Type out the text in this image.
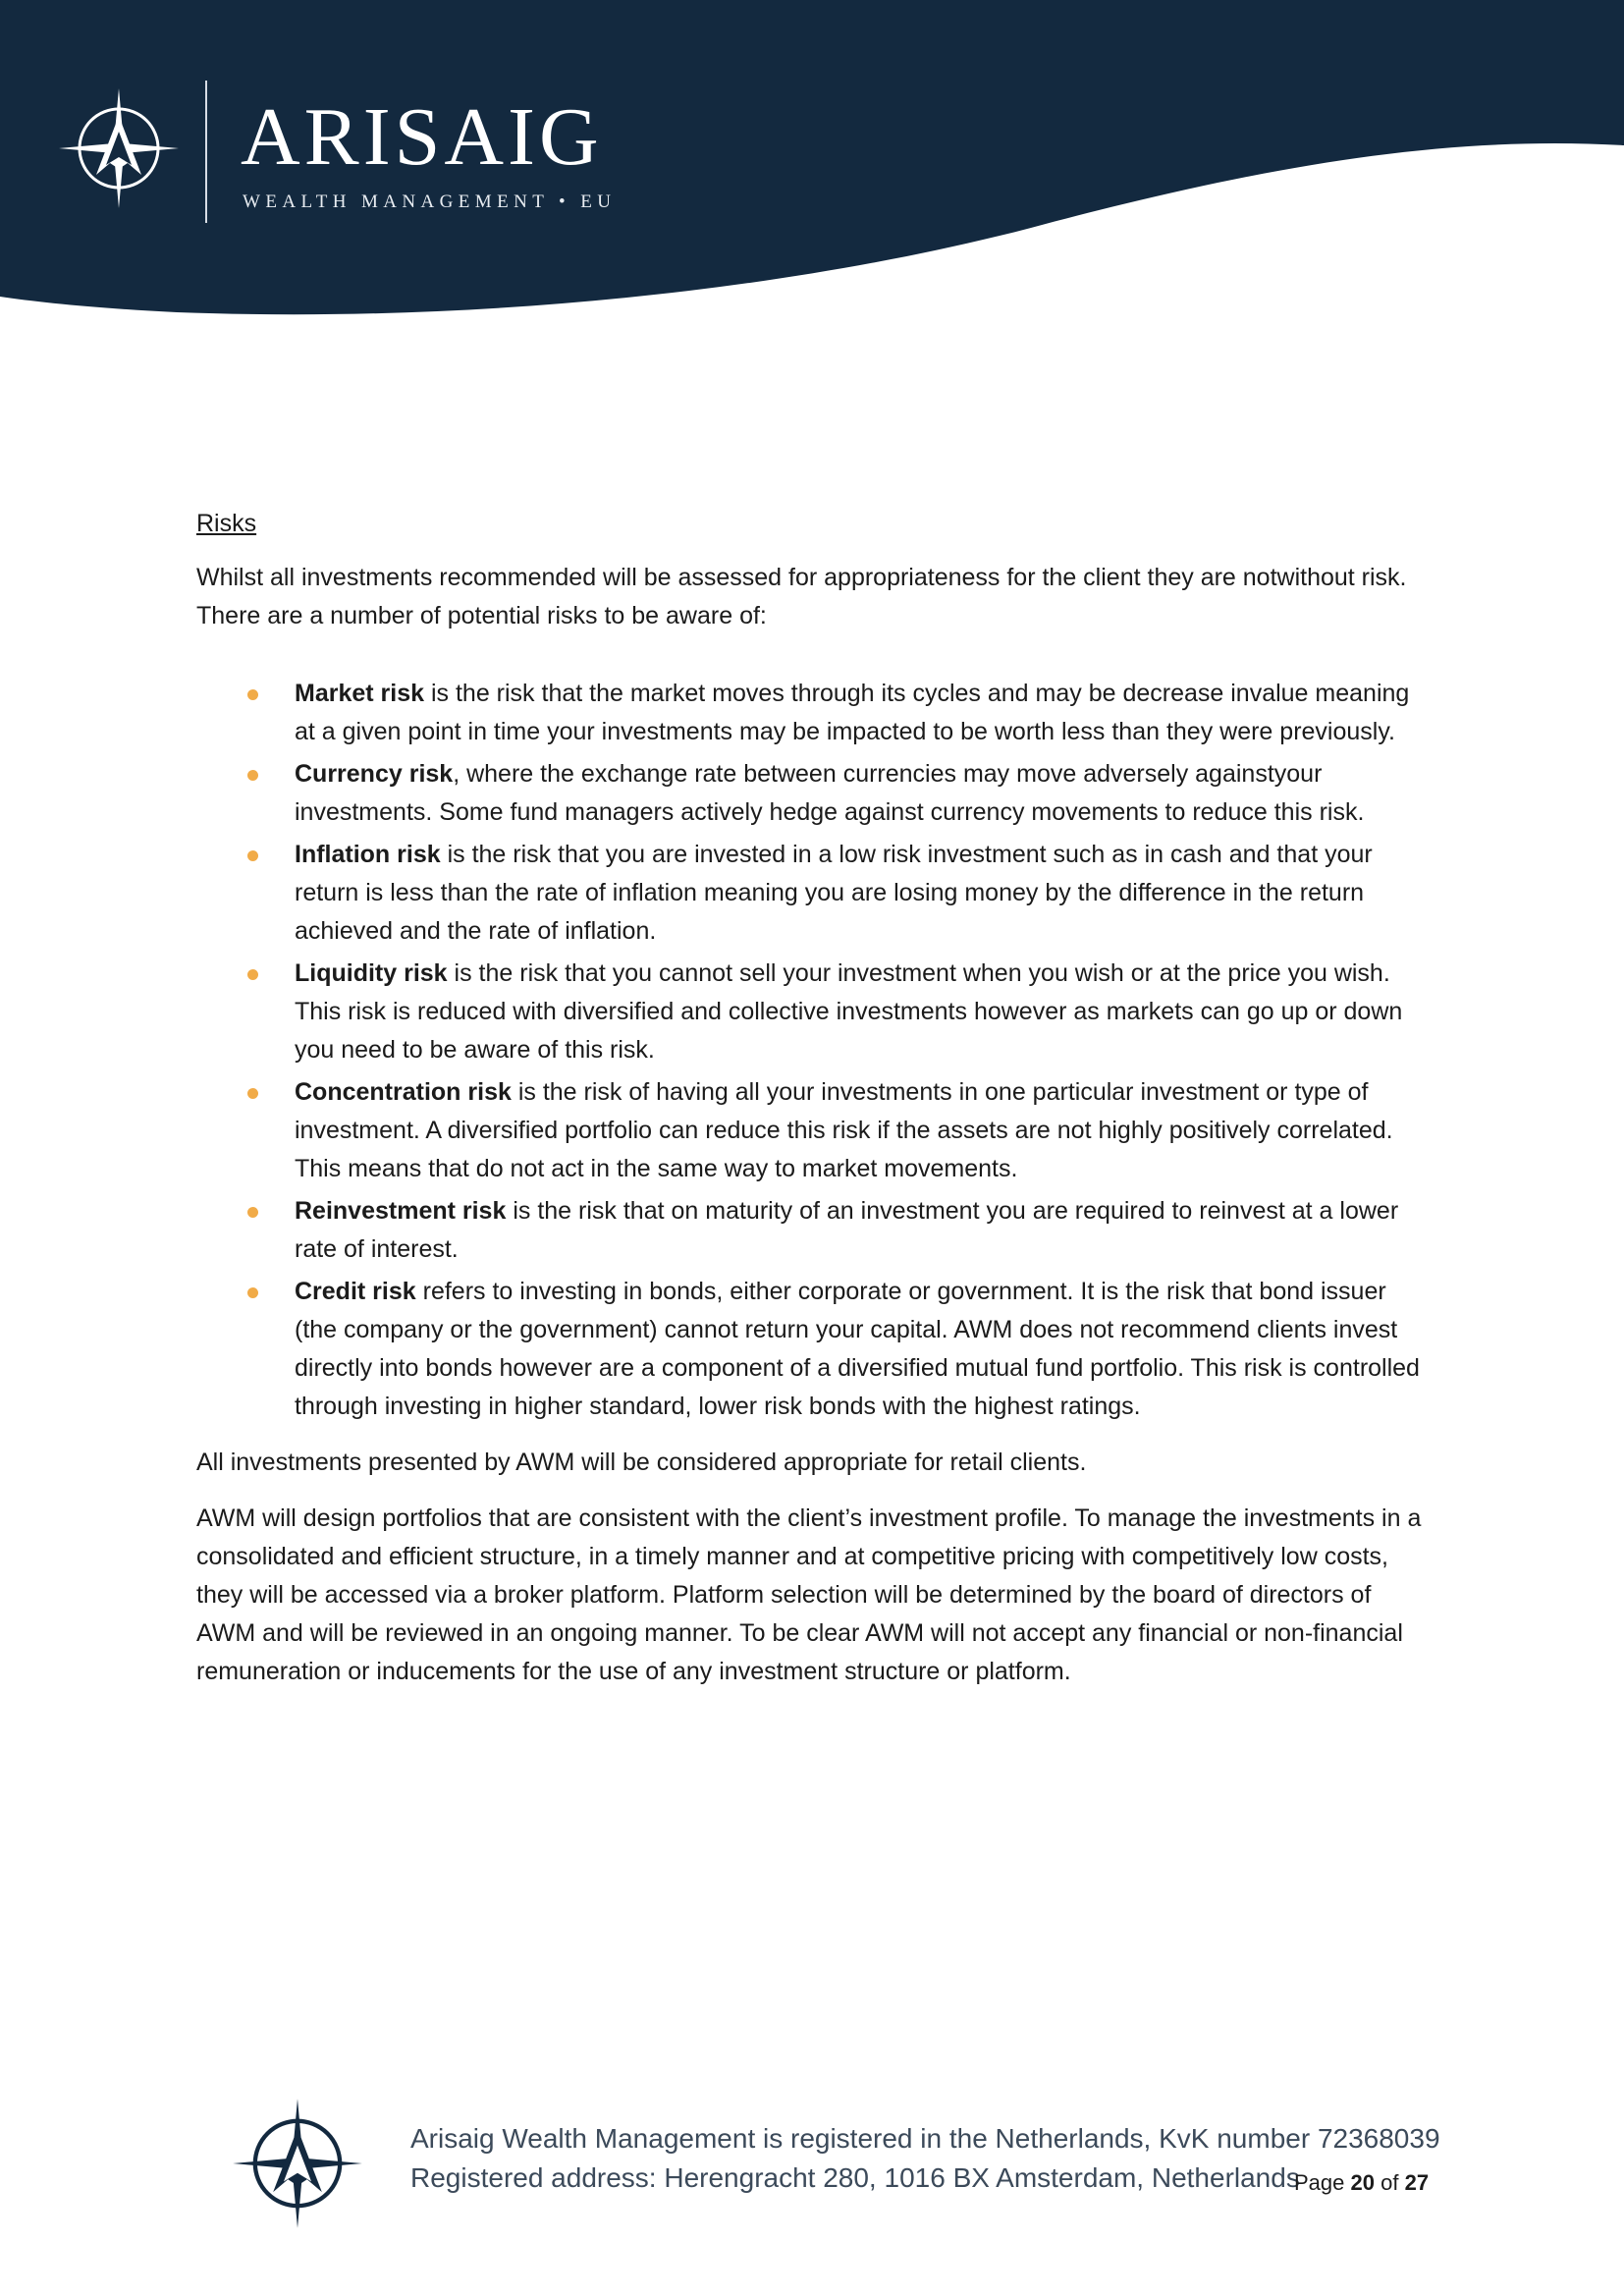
ARISAIG
WEALTH MANAGEMENT • EU

Risks

Whilst all investments recommended will be assessed for appropriateness for the client they are notwithout risk. There are a number of potential risks to be aware of:

Market risk is the risk that the market moves through its cycles and may be decrease invalue meaning at a given point in time your investments may be impacted to be worth less than they were previously.
Currency risk, where the exchange rate between currencies may move adversely againstyour investments. Some fund managers actively hedge against currency movements to reduce this risk.
Inflation risk is the risk that you are invested in a low risk investment such as in cash and that your return is less than the rate of inflation meaning you are losing money by the difference in the return achieved and the rate of inflation.
Liquidity risk is the risk that you cannot sell your investment when you wish or at the price you wish. This risk is reduced with diversified and collective investments however as markets can go up or down you need to be aware of this risk.
Concentration risk is the risk of having all your investments in one particular investment or type of investment. A diversified portfolio can reduce this risk if the assets are not highly positively correlated. This means that do not act in the same way to market movements.
Reinvestment risk is the risk that on maturity of an investment you are required to reinvest at a lower rate of interest.
Credit risk refers to investing in bonds, either corporate or government. It is the risk that bond issuer (the company or the government) cannot return your capital. AWM does not recommend clients invest directly into bonds however are a component of a diversified mutual fund portfolio. This risk is controlled through investing in higher standard, lower risk bonds with the highest ratings.

All investments presented by AWM will be considered appropriate for retail clients.

AWM will design portfolios that are consistent with the client’s investment profile. To manage the investments in a consolidated and efficient structure, in a timely manner and at competitive pricing with competitively low costs, they will be accessed via a broker platform. Platform selection will be determined by the board of directors of AWM and will be reviewed in an ongoing manner. To be clear AWM will not accept any financial or non-financial remuneration or inducements for the use of any investment structure or platform.

Arisaig Wealth Management is registered in the Netherlands, KvK number 72368039
Registered address: Herengracht 280, 1016 BX Amsterdam, Netherlands
Page 20 of 27
